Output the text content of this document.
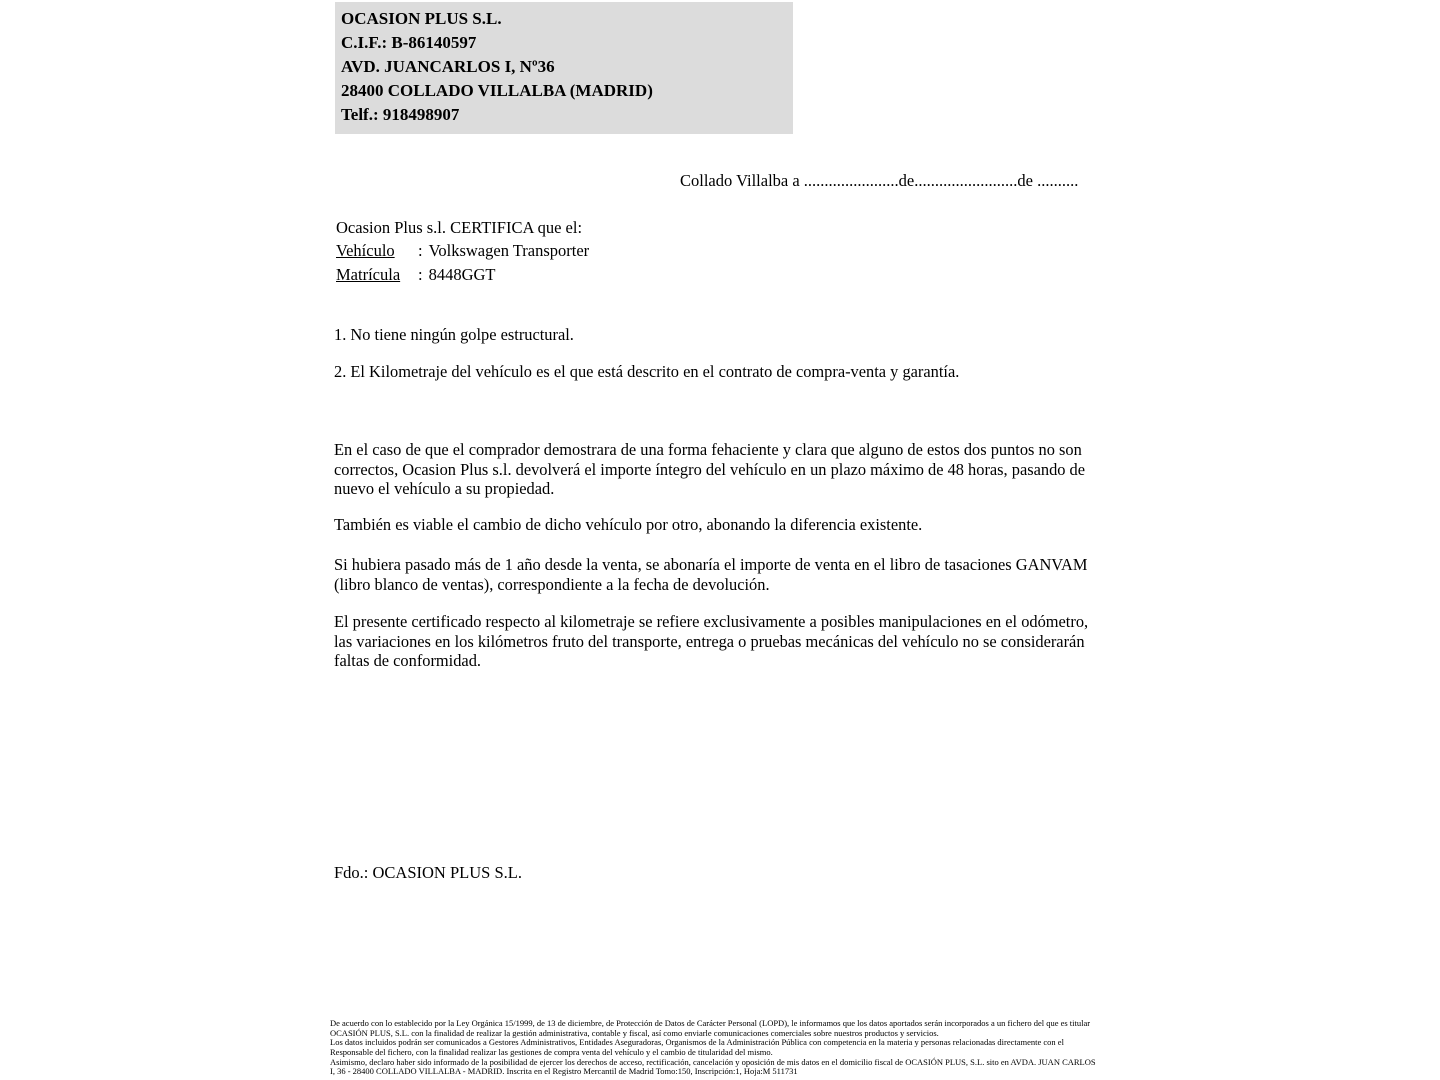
OCASION PLUS S.L.
C.I.F.: B-86140597
AVD. JUANCARLOS I, Nº36
28400 COLLADO VILLALBA (MADRID)
Telf.: 918498907
Collado Villalba a .......................de.........................de ..........
Ocasion Plus s.l. CERTIFICA que el:
Vehículo : Volkswagen Transporter
Matrícula : 8448GGT
1. No tiene ningún golpe estructural.
2. El Kilometraje del vehículo es el que está descrito en el contrato de compra-venta y garantía.
En el caso de que el comprador demostrara de una forma fehaciente y clara que alguno de estos dos puntos no son correctos, Ocasion Plus s.l. devolverá el importe íntegro del vehículo en un plazo máximo de 48 horas, pasando de nuevo el vehículo a su propiedad.
También es viable el cambio de dicho vehículo por otro, abonando la diferencia existente.
Si hubiera pasado más de 1 año desde la venta, se abonaría el importe de venta en el libro de tasaciones GANVAM (libro blanco de ventas), correspondiente a la fecha de devolución.
El presente certificado respecto al kilometraje se refiere exclusivamente a posibles manipulaciones en el odómetro, las variaciones en los kilómetros fruto del transporte, entrega o pruebas mecánicas del vehículo no se considerarán faltas de conformidad.
Fdo.: OCASION PLUS S.L.
De acuerdo con lo establecido por la Ley Orgánica 15/1999, de 13 de diciembre, de Protección de Datos de Carácter Personal (LOPD), le informamos que los datos aportados serán incorporados a un fichero del que es titular OCASIÓN PLUS, S.L. con la finalidad de realizar la gestión administrativa, contable y fiscal, así como enviarle comunicaciones comerciales sobre nuestros productos y servicios.
Los datos incluidos podrán ser comunicados a Gestores Administrativos, Entidades Aseguradoras, Organismos de la Administración Pública con competencia en la materia y personas relacionadas directamente con el Responsable del fichero, con la finalidad realizar las gestiones de compra venta del vehículo y el cambio de titularidad del mismo.
Asimismo, declaro haber sido informado de la posibilidad de ejercer los derechos de acceso, rectificación, cancelación y oposición de mis datos en el domicilio fiscal de OCASIÓN PLUS, S.L. sito en AVDA. JUAN CARLOS I, 36 - 28400 COLLADO VILLALBA - MADRID. Inscrita en el Registro Mercantil de Madrid Tomo:150, Inscripción:1, Hoja:M 511731
